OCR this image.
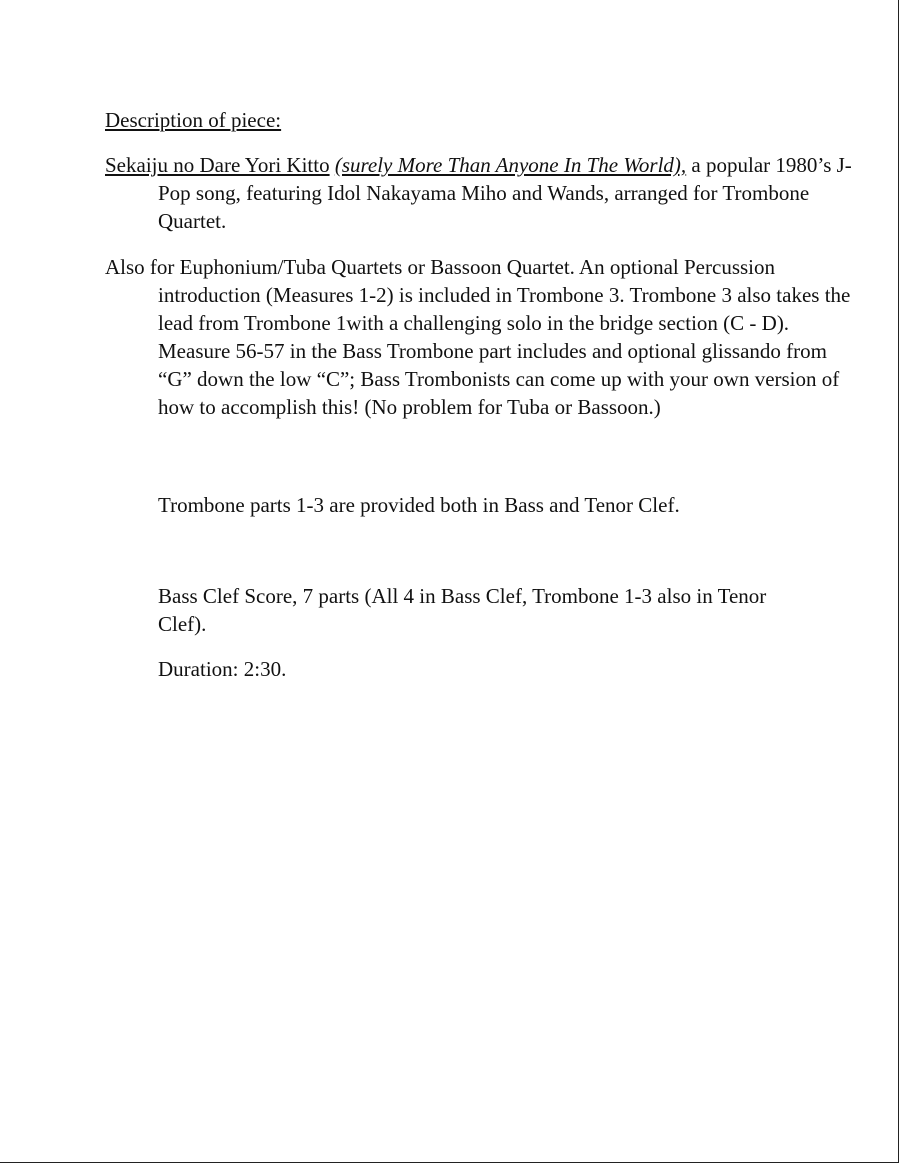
Description of piece:
Sekaiju no Dare Yori Kitto (surely More Than Anyone In The World), a popular 1980’s J-Pop song, featuring Idol Nakayama Miho and Wands, arranged for Trombone Quartet.
Also for Euphonium/Tuba Quartets or Bassoon Quartet. An optional Percussion introduction (Measures 1-2) is included in Trombone 3. Trombone 3 also takes the lead from Trombone 1with a challenging solo in the bridge section (C - D). Measure 56-57 in the Bass Trombone part includes and optional glissando from “G” down the low “C”; Bass Trombonists can come up with your own version of how to accomplish this! (No problem for Tuba or Bassoon.)
Trombone parts 1-3 are provided both in Bass and Tenor Clef.
Bass Clef Score, 7 parts (All 4 in Bass Clef, Trombone 1-3 also in Tenor Clef).
Duration: 2:30.
